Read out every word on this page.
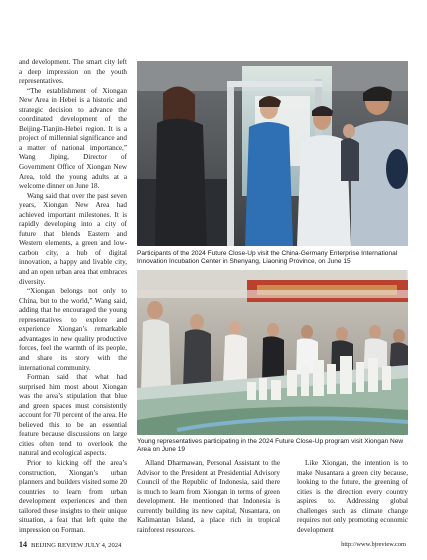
and development. The smart city left a deep impression on the youth representatives.

“The establishment of Xiongan New Area in Hebei is a historic and strategic decision to advance the coordinated development of the Beijing-Tianjin-Hebei region. It is a project of millennial significance and a matter of national importance,” Wang Jiping, Director of Government Office of Xiongan New Area, told the young adults at a welcome dinner on June 18.

Wang said that over the past seven years, Xiongan New Area had achieved important milestones. It is rapidly developing into a city of future that blends Eastern and Western elements, a green and low-carbon city, a hub of digital innovation, a happy and livable city, and an open urban area that embraces diversity.

“Xiongan belongs not only to China, but to the world,” Wang said, adding that he encouraged the young representatives to explore and experience Xiongan’s remarkable advantages in new quality productive forces, feel the warmth of its people, and share its story with the international community.

Forman said that what had surprised him most about Xiongan was the area’s stipulation that blue and green spaces must consistently account for 70 percent of the area. He believed this to be an essential feature because discussions on large cities often tend to overlook the natural and ecological aspects.

Prior to kicking off the area’s construction, Xiongan’s urban planners and builders visited some 20 countries to learn from urban development experiences and then tailored these insights to their unique situation, a feat that left quite the impression on Forman.

Participants of the 2024 Future Close-Up visit the China-Germany Enterprise International Innovation Incubation Center in Shenyang, Liaoning Province, on June 15
Young representatives participating in the 2024 Future Close-Up program visit Xiongan New Area on June 19
XINHUA

Alland Dharmawan, Personal Assistant to the Advisor to the President at Presidential Advisory Council of the Republic of Indonesia, said there is much to learn from Xiongan in terms of green development. He mentioned that Indonesia is currently building its new capital, Nusantara, on Kalimantan Island, a place rich in tropical rainforest resources.

Like Xiongan, the intention is to make Nusantara a green city because, looking to the future, the greening of cities is the direction every country aspires to. Addressing global challenges such as climate change requires not only promoting economic development

14 BEIJING REVIEW JULY 4, 2024	http://www.bjreview.com
